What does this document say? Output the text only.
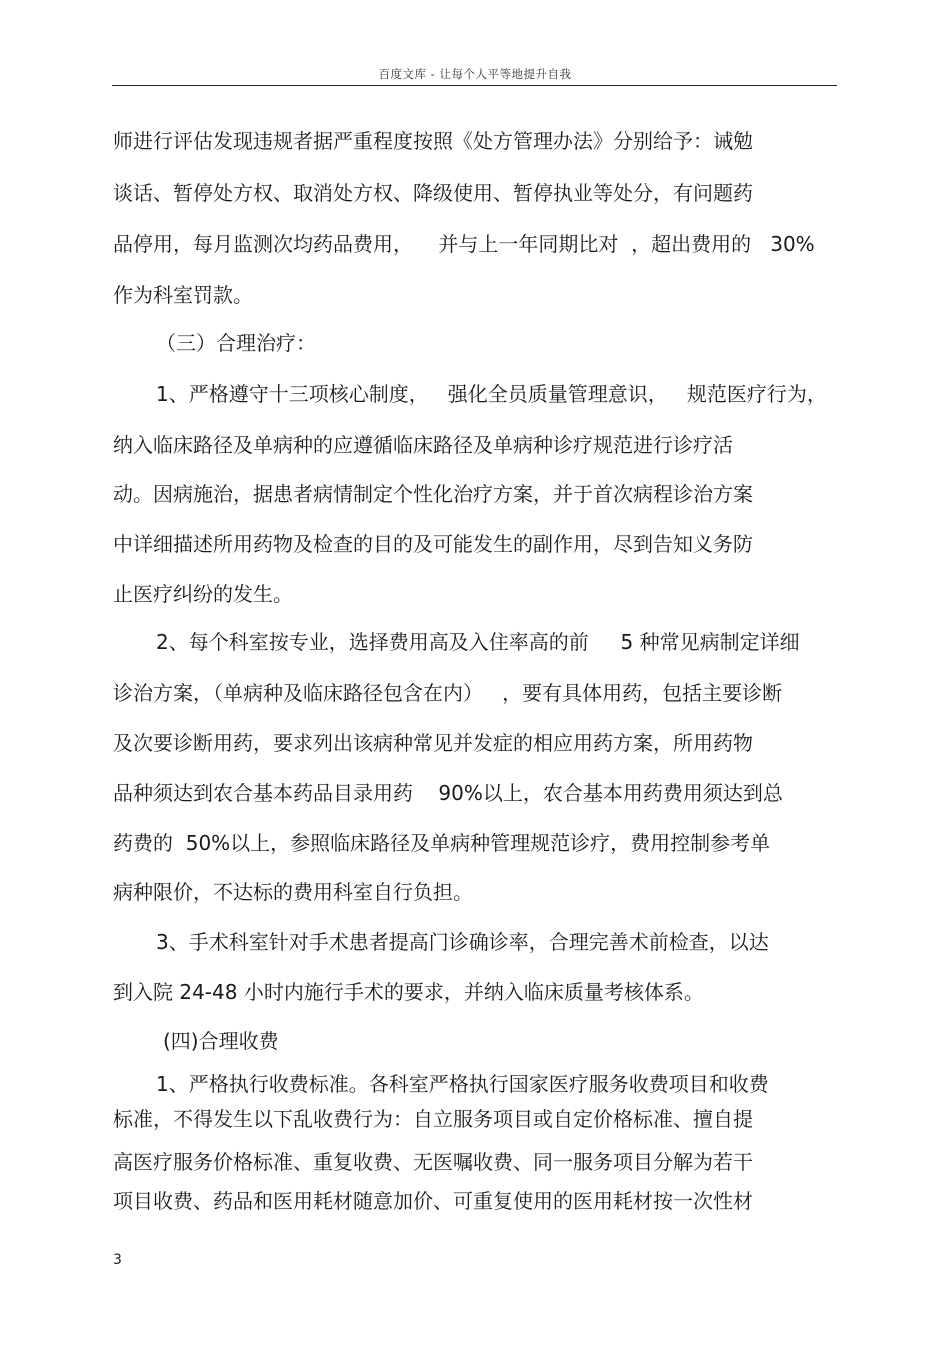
百度文库 - 让每个人平等地提升自我
师进行评估发现违规者据严重程度按照《处方管理办法》分别给予：诫勉
谈话、暂停处方权、取消处方权、降级使用、暂停执业等处分，有问题药
品停用，每月监测次均药品费用，    并与上一年同期比对  ，超出费用的   30%
作为科室罚款。
（三）合理治疗：
1、严格遵守十三项核心制度，   强化全员质量管理意识，   规范医疗行为，
纳入临床路径及单病种的应遵循临床路径及单病种诊疗规范进行诊疗活
动。因病施治，据患者病情制定个性化治疗方案，并于首次病程诊治方案
中详细描述所用药物及检查的目的及可能发生的副作用，尽到告知义务防
止医疗纠纷的发生。
2、每个科室按专业，选择费用高及入住率高的前     5 种常见病制定详细
诊治方案，（单病种及临床路径包含在内）   ，要有具体用药，包括主要诊断
及次要诊断用药，要求列出该病种常见并发症的相应用药方案，所用药物
品种须达到农合基本药品目录用药    90%以上，农合基本用药费用须达到总
药费的  50%以上，参照临床路径及单病种管理规范诊疗，费用控制参考单
病种限价，不达标的费用科室自行负担。
3、手术科室针对手术患者提高门诊确诊率，合理完善术前检查，以达
到入院 24-48 小时内施行手术的要求，并纳入临床质量考核体系。
(四)合理收费
1、严格执行收费标准。各科室严格执行国家医疗服务收费项目和收费
标准，不得发生以下乱收费行为：自立服务项目或自定价格标准、擅自提
高医疗服务价格标准、重复收费、无医嘱收费、同一服务项目分解为若干
项目收费、药品和医用耗材随意加价、可重复使用的医用耗材按一次性材
3
